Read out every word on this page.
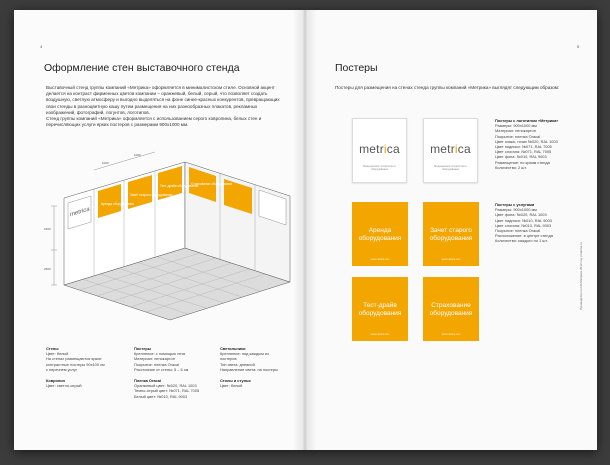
4
Оформление стен выставочного стенда
Выставочный стенд группы компаний «Метрика» оформляется в минималистском стиле. Основной акцент делается на контраст фирменных цветов компании – оранжевый, белый, серый, что позволяет создать воздушную, светлую атмосферу и выгодно выделяться на фоне синее-красных конкурентов, превращающих свои стенды в разноцветную кашу путем размещения на них разнообразных плакатов, рекламных изображений, фотографий, логунтов, логотипов.
Стенд группы компаний «Метрика» оформляется с использованием серого ковролина, белых стен и перечисляющих услуги ярких постеров с размерами 900х1000 мм.
metrica
Аренда оборудования
Зачет старого оборудования
Тест-драйв оборудования
Страхование оборудования
1500
2500
1000
1000
Стены
Цвет: белый
На стенах размещаются яркие
контрастные постеры 90х100 см
с перечнем услуг
Постеры
Крепление: с помощью леск
Материал: пенокартон
Покрытие: пленка Oracal
Расстояние от стены: 5 – 6 см
Светильники
Крепление: над каждым из
постеров
Тип света: дневной
Направление света: на постеры
Ковролин
Цвет: светло-серый
Пленка Oracal
Оранжевый цвет: №020, RAL 1003
Темно-серый цвет: №071, RAL 7005
Белый цвет: №010, RAL 9003
Столы и стулья
Цвет: белый
5
Постеры
Постеры для размещения на стенах стенда группы компаний «Метрика» выглядят следующим образом:
metrica
Медицинское технологии и оборудование
metrica
Медицинское технологии и оборудование
Постеры с логотипом «Метрика»
Размеры: 900х1000 мм
Материал: пенокартон
Покрытие: пленка Oracal
Цвет знака, точки №020, RAL 1003
Цвет подписи: №071, RAL 7005
Цвет слогана: №071, RAL 7005
Цвет фона: №010, RAL 9003
Размещение: по краям стенда
Количество: 2 шт.
Аренда оборудования
www.metrica.com
Зачет старого оборудования
www.metrica.com
Тест-драйв оборудования
www.metrica.com
Страхование оборудования
www.metrica.com
Постеры с услугами
Размеры: 900х1000 мм
Цвет фона: №020, RAL 1003
Цвет надписи: №010, RAL 9003
Цвет слогана: №010, RAL 9003
Покрытие: пленка Oracal
Расположение: в центре стенда
Количество: каждого по 1 шт.
Руководство по ИЗ Метрика 2012 год | metrica.ru
